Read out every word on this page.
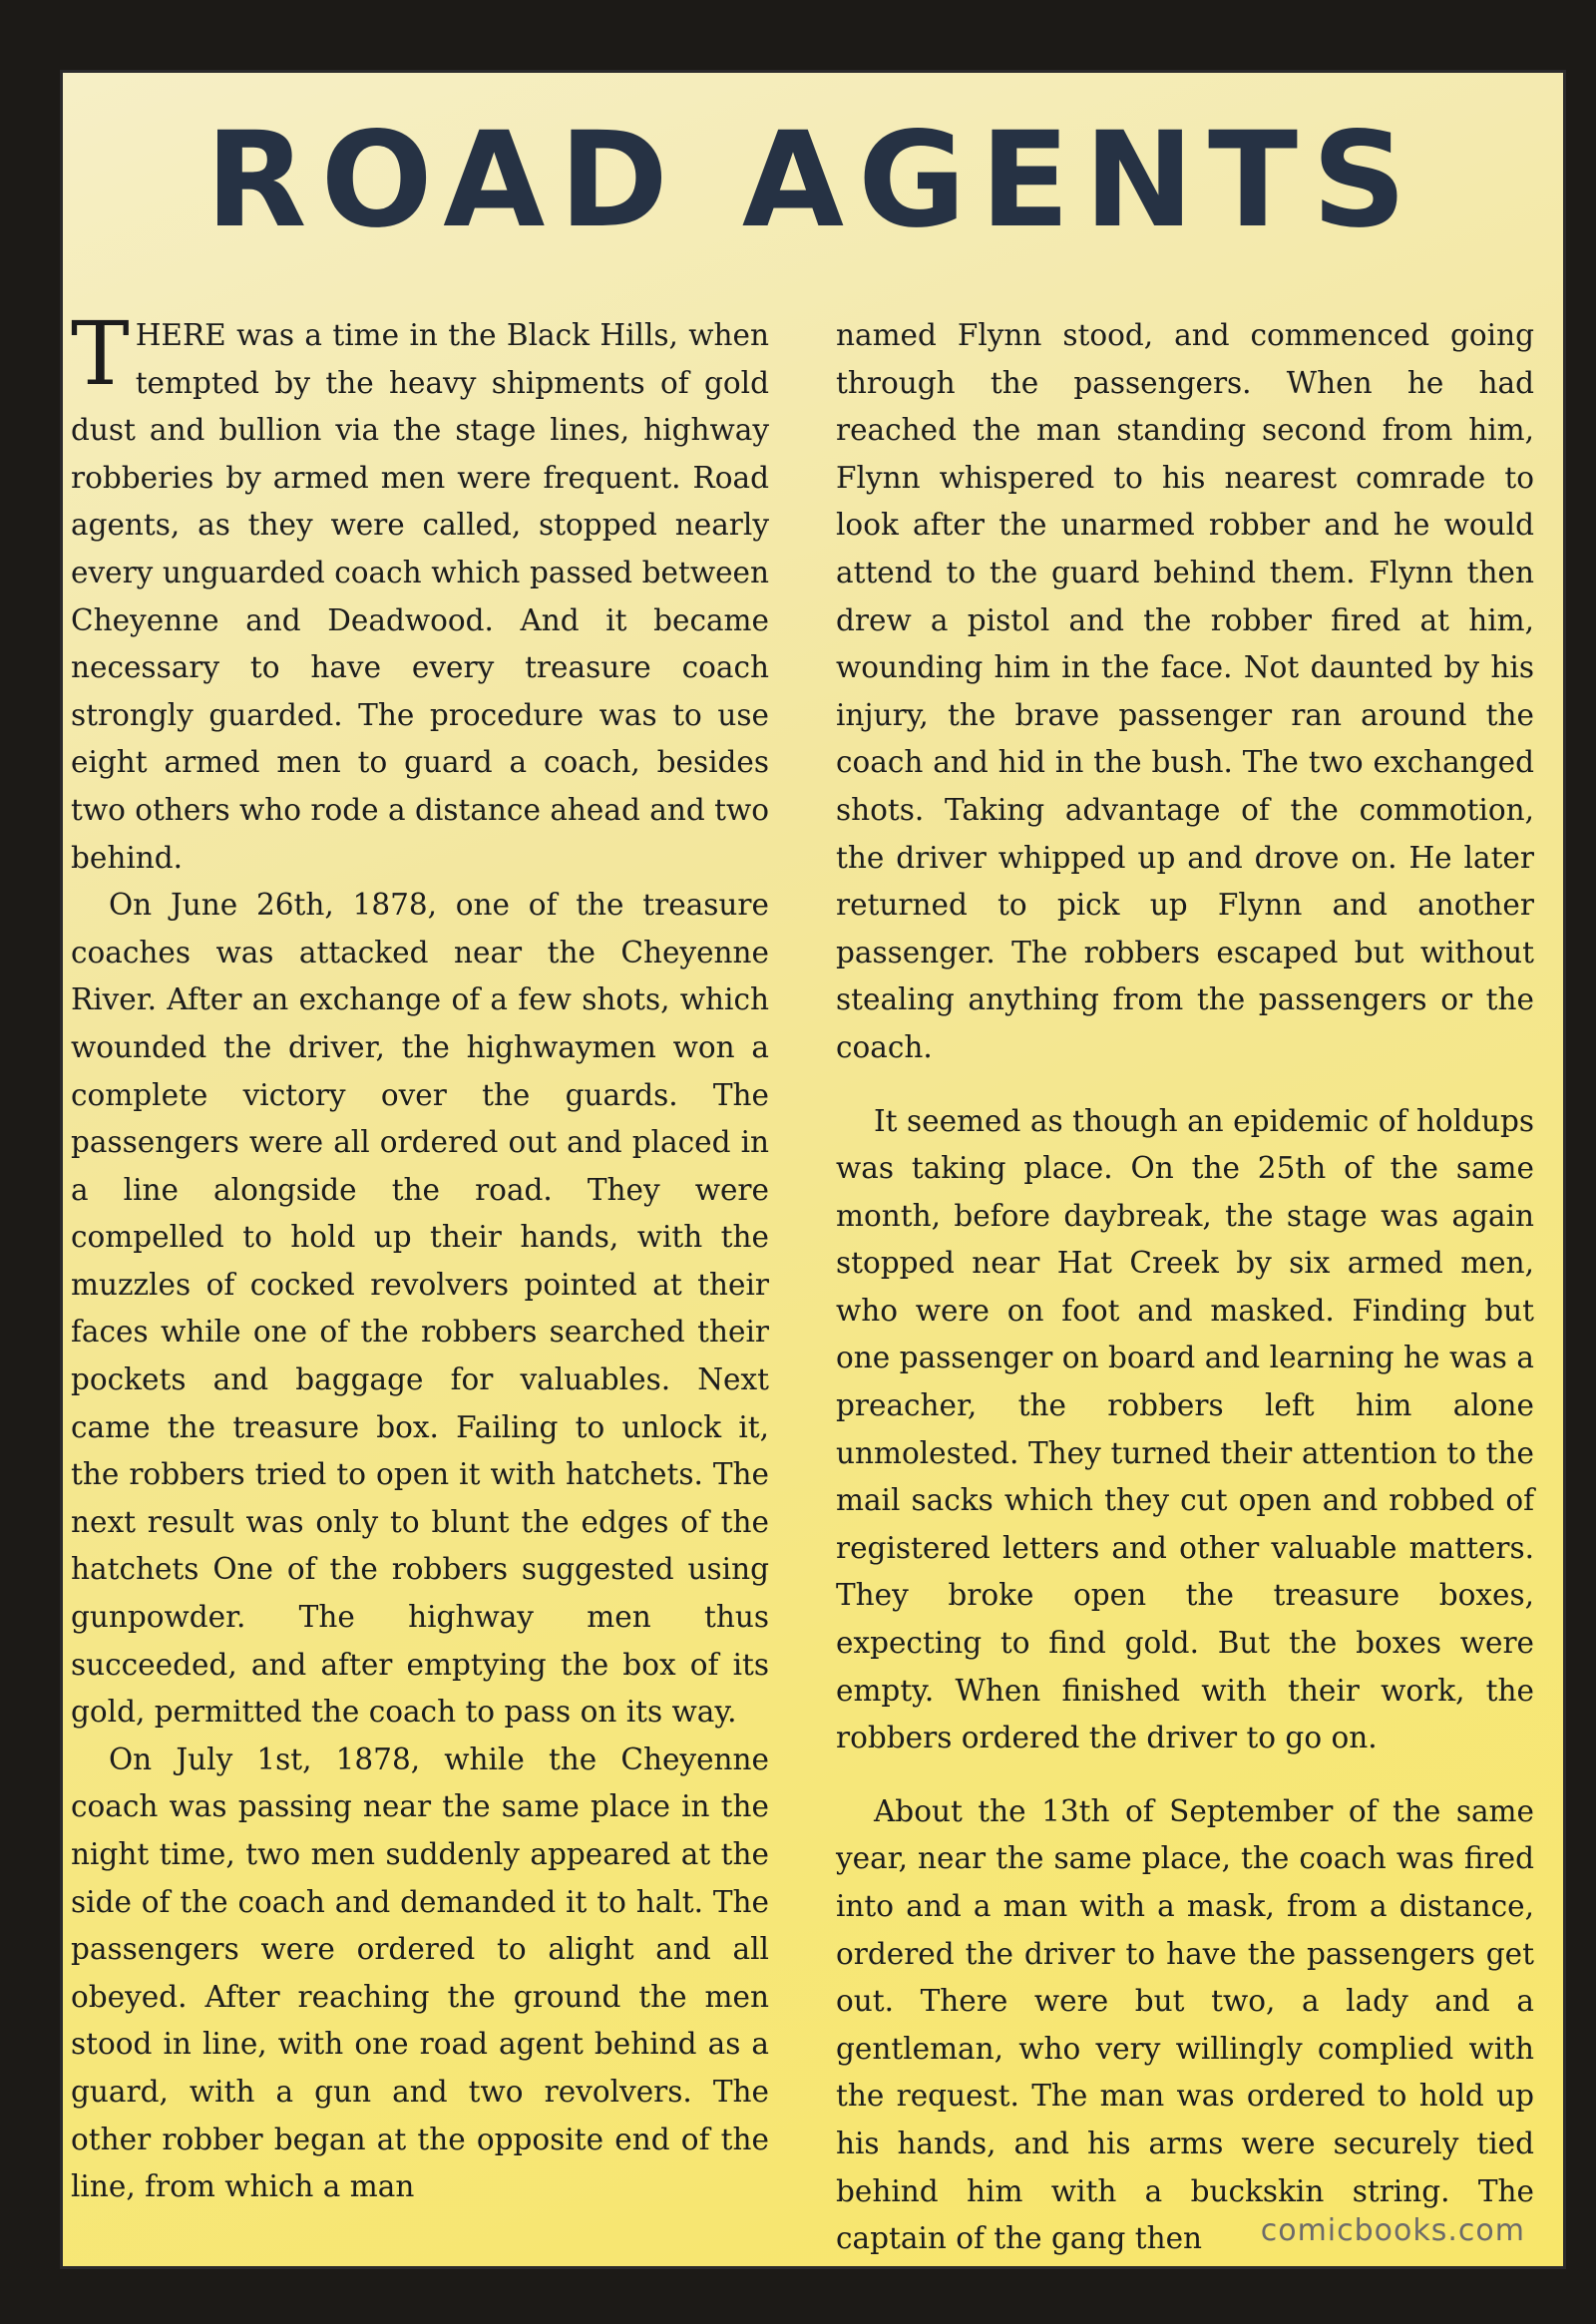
ROAD AGENTS

THERE was a time in the Black Hills, when tempted by the heavy shipments of gold dust and bullion via the stage lines, highway robberies by armed men were frequent. Road agents, as they were called, stopped nearly every unguarded coach which passed between Cheyenne and Deadwood. And it became necessary to have every treasure coach strongly guarded. The procedure was to use eight armed men to guard a coach, besides two others who rode a distance ahead and two behind.

On June 26th, 1878, one of the treasure coaches was attacked near the Cheyenne River. After an exchange of a few shots, which wounded the driver, the highwaymen won a complete victory over the guards. The passengers were all ordered out and placed in a line alongside the road. They were compelled to hold up their hands, with the muzzles of cocked revolvers pointed at their faces while one of the robbers searched their pockets and baggage for valuables. Next came the treasure box. Failing to unlock it, the robbers tried to open it with hatchets. The next result was only to blunt the edges of the hatchets One of the robbers suggested using gunpowder. The highway men thus succeeded, and after emptying the box of its gold, permitted the coach to pass on its way.

On July 1st, 1878, while the Cheyenne coach was passing near the same place in the night time, two men suddenly appeared at the side of the coach and demanded it to halt. The passengers were ordered to alight and all obeyed. After reaching the ground the men stood in line, with one road agent behind as a guard, with a gun and two revolvers. The other robber began at the opposite end of the line, from which a man

named Flynn stood, and commenced going through the passengers. When he had reached the man standing second from him, Flynn whispered to his nearest comrade to look after the unarmed robber and he would attend to the guard behind them. Flynn then drew a pistol and the robber fired at him, wounding him in the face. Not daunted by his injury, the brave passenger ran around the coach and hid in the bush. The two exchanged shots. Taking advantage of the commotion, the driver whipped up and drove on. He later returned to pick up Flynn and another passenger. The robbers escaped but without stealing anything from the passengers or the coach.

It seemed as though an epidemic of holdups was taking place. On the 25th of the same month, before daybreak, the stage was again stopped near Hat Creek by six armed men, who were on foot and masked. Finding but one passenger on board and learning he was a preacher, the robbers left him alone unmolested. They turned their attention to the mail sacks which they cut open and robbed of registered letters and other valuable matters. They broke open the treasure boxes, expecting to find gold. But the boxes were empty. When finished with their work, the robbers ordered the driver to go on.

About the 13th of September of the same year, near the same place, the coach was fired into and a man with a mask, from a distance, ordered the driver to have the passengers get out. There were but two, a lady and a gentleman, who very willingly complied with the request. The man was ordered to hold up his hands, and his arms were securely tied behind him with a buckskin string. The captain of the gang then	comicbooks.com
